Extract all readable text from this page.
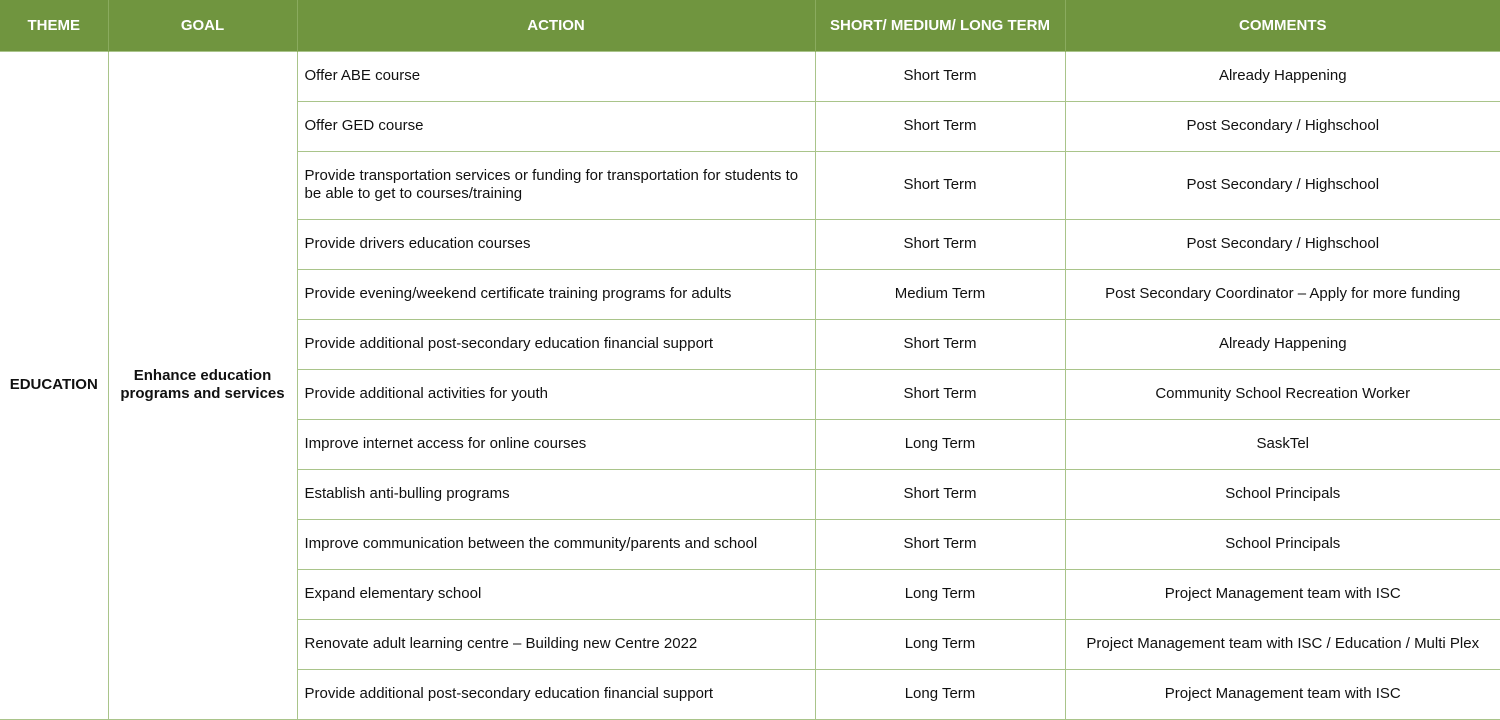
THEME	GOAL	ACTION	SHORT/ MEDIUM/ LONG TERM	COMMENTS
EDUCATION	Enhance education programs and services	Offer ABE course	Short Term	Already Happening
		Offer GED course	Short Term	Post Secondary / Highschool
		Provide transportation services or funding for transportation for students to be able to get to courses/training	Short Term	Post Secondary / Highschool
		Provide drivers education courses	Short Term	Post Secondary / Highschool
		Provide evening/weekend certificate training programs for adults	Medium Term	Post Secondary Coordinator – Apply for more funding
		Provide additional post-secondary education financial support	Short Term	Already Happening
		Provide additional activities for youth	Short Term	Community School Recreation Worker
		Improve internet access for online courses	Long Term	SaskTel
		Establish anti-bulling programs	Short Term	School Principals
		Improve communication between the community/parents and school	Short Term	School Principals
		Expand elementary school	Long Term	Project Management team with ISC
		Renovate adult learning centre – Building new Centre 2022	Long Term	Project Management team with ISC / Education / Multi Plex
		Provide additional post-secondary education financial support	Long Term	Project Management team with ISC
